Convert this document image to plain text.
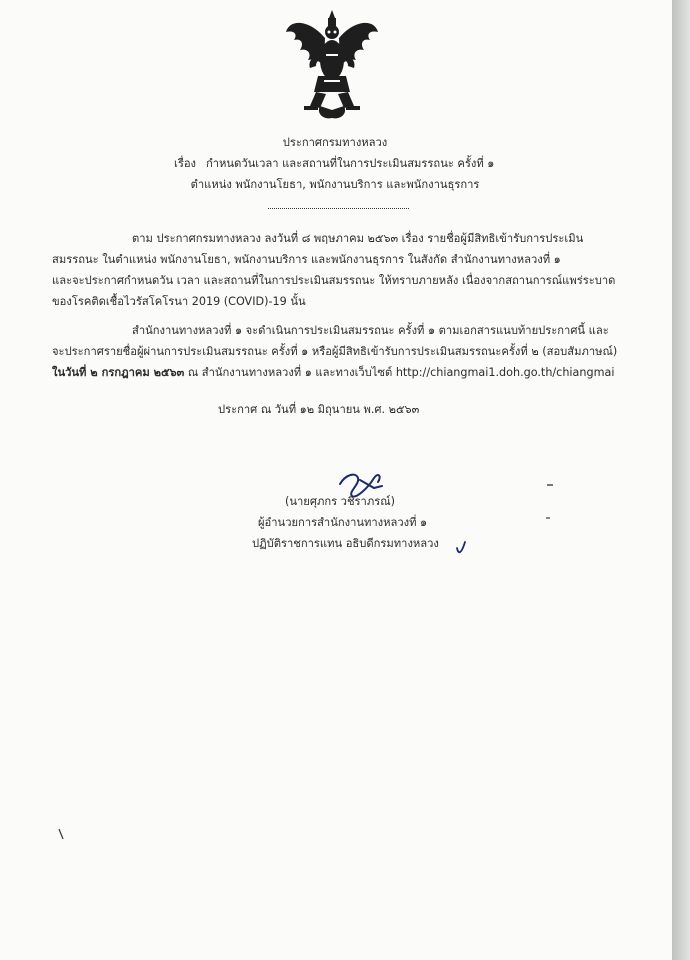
ประกาศกรมทางหลวง
เรื่อง กำหนดวันเวลา และสถานที่ในการประเมินสมรรถนะ ครั้งที่ ๑
ตำแหน่ง พนักงานโยธา, พนักงานบริการ และพนักงานธุรการ
ตาม ประกาศกรมทางหลวง ลงวันที่ ๘ พฤษภาคม ๒๕๖๓ เรื่อง รายชื่อผู้มีสิทธิเข้ารับการประเมิน
สมรรถนะ ในตำแหน่ง พนักงานโยธา, พนักงานบริการ และพนักงานธุรการ ในสังกัด สำนักงานทางหลวงที่ ๑
และจะประกาศกำหนดวัน เวลา และสถานที่ในการประเมินสมรรถนะ ให้ทราบภายหลัง เนื่องจากสถานการณ์แพร่ระบาด
ของโรคติดเชื้อไวรัสโคโรนา 2019 (COVID)-19 นั้น
สำนักงานทางหลวงที่ ๑ จะดำเนินการประเมินสมรรถนะ ครั้งที่ ๑ ตามเอกสารแนบท้ายประกาศนี้ และ
จะประกาศรายชื่อผู้ผ่านการประเมินสมรรถนะ ครั้งที่ ๑ หรือผู้มีสิทธิเข้ารับการประเมินสมรรถนะครั้งที่ ๒ (สอบสัมภาษณ์)
ในวันที่ ๒ กรกฎาคม ๒๕๖๓ ณ สำนักงานทางหลวงที่ ๑ และทางเว็บไซต์ http://chiangmai1.doh.go.th/chiangmai
ประกาศ ณ วันที่ ๑๒ มิถุนายน พ.ศ. ๒๕๖๓
(นายศุภกร วชิราภรณ์)
ผู้อำนวยการสำนักงานทางหลวงที่ ๑
ปฏิบัติราชการแทน อธิบดีกรมทางหลวง
